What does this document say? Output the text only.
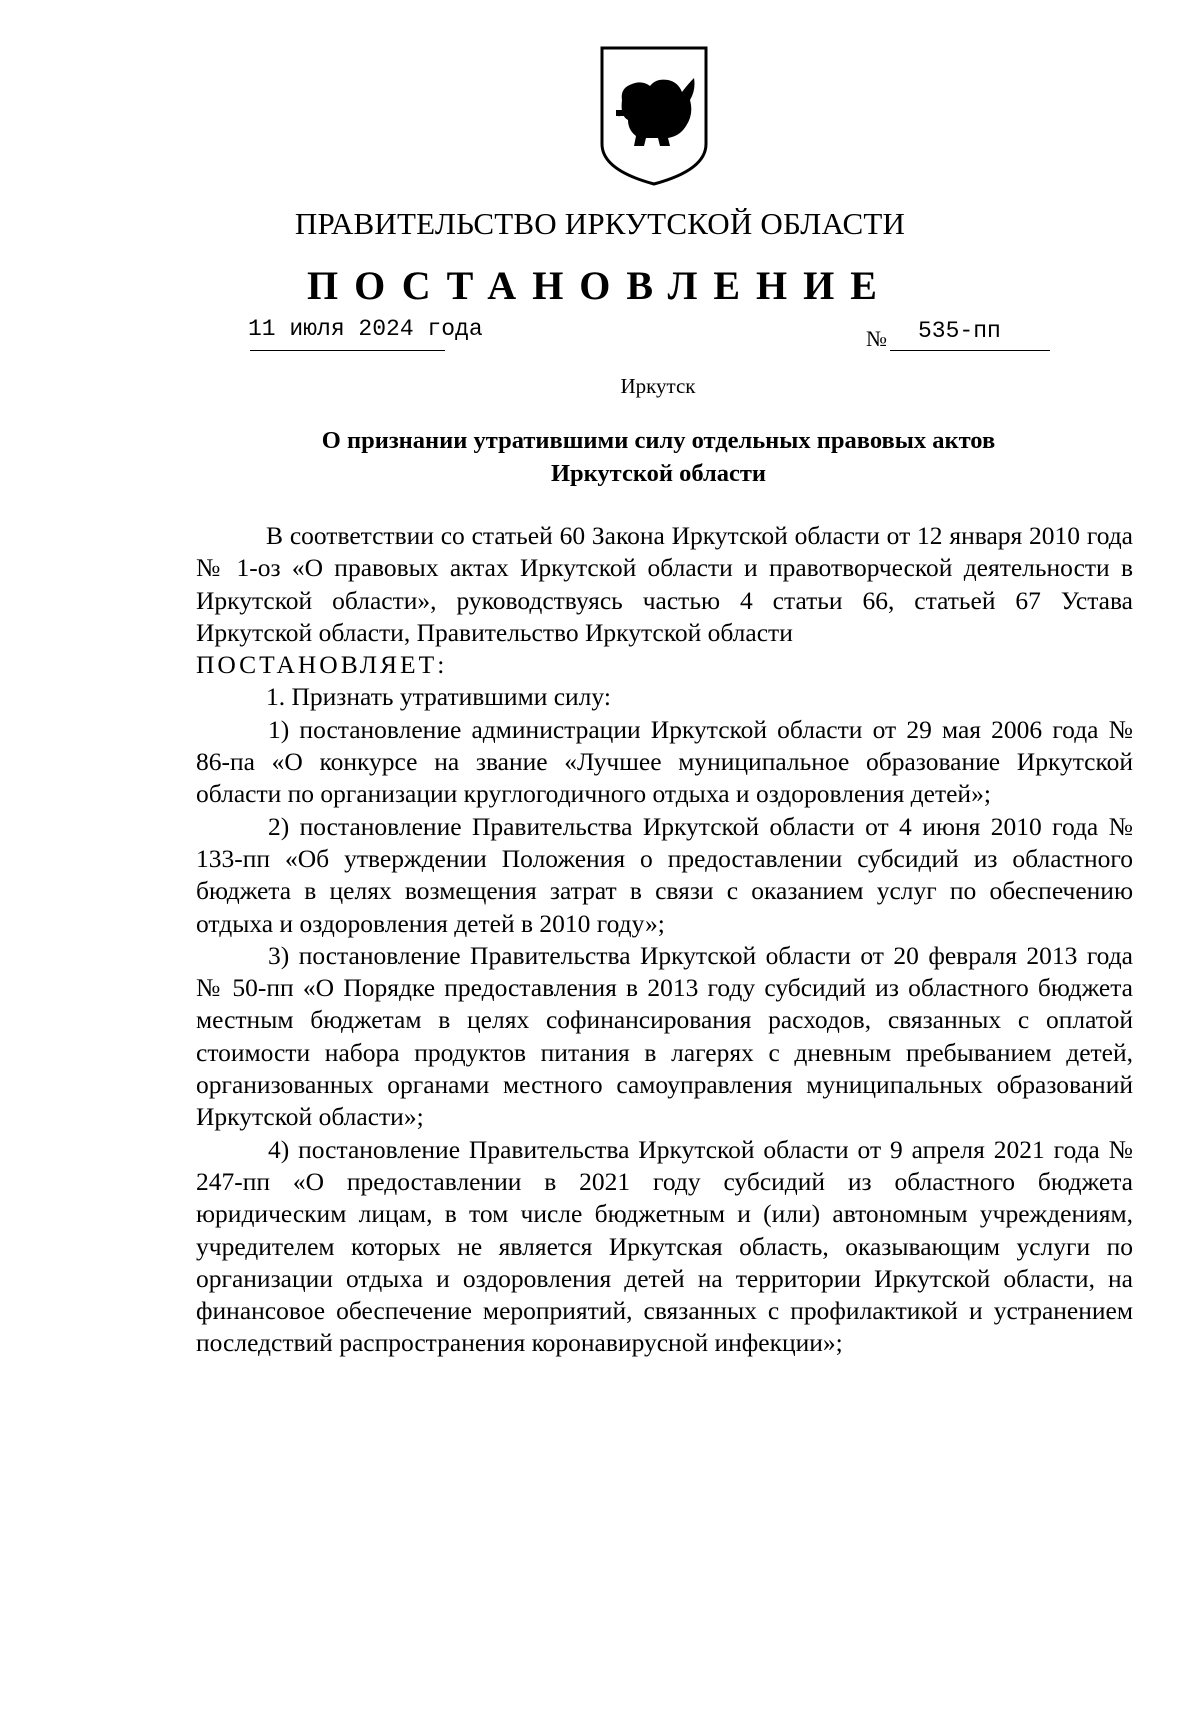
ПРАВИТЕЛЬСТВО ИРКУТСКОЙ ОБЛАСТИ
ПОСТАНОВЛЕНИЕ
11 июля 2024 года	№ 535-пп
Иркутск
О признании утратившими силу отдельных правовых актов
Иркутской области

В соответствии со статьей 60 Закона Иркутской области от 12 января 2010 года № 1-оз «О правовых актах Иркутской области и правотворческой деятельности в Иркутской области», руководствуясь частью 4 статьи 66, статьей 67 Устава Иркутской области, Правительство Иркутской области

ПОСТАНОВЛЯЕТ:

1. Признать утратившими силу:

1) постановление администрации Иркутской области от 29 мая 2006 года № 86-па «О конкурсе на звание «Лучшее муниципальное образование Иркутской области по организации круглогодичного отдыха и оздоровления детей»;

2) постановление Правительства Иркутской области от 4 июня 2010 года № 133-пп «Об утверждении Положения о предоставлении субсидий из областного бюджета в целях возмещения затрат в связи с оказанием услуг по обеспечению отдыха и оздоровления детей в 2010 году»;

3) постановление Правительства Иркутской области от 20 февраля 2013 года № 50-пп «О Порядке предоставления в 2013 году субсидий из областного бюджета местным бюджетам в целях софинансирования расходов, связанных с оплатой стоимости набора продуктов питания в лагерях с дневным пребыванием детей, организованных органами местного самоуправления муниципальных образований Иркутской области»;

4) постановление Правительства Иркутской области от 9 апреля 2021 года № 247-пп «О предоставлении в 2021 году субсидий из областного бюджета юридическим лицам, в том числе бюджетным и (или) автономным учреждениям, учредителем которых не является Иркутская область, оказывающим услуги по организации отдыха и оздоровления детей на территории Иркутской области, на финансовое обеспечение мероприятий, связанных с профилактикой и устранением последствий распространения коронавирусной инфекции»;
